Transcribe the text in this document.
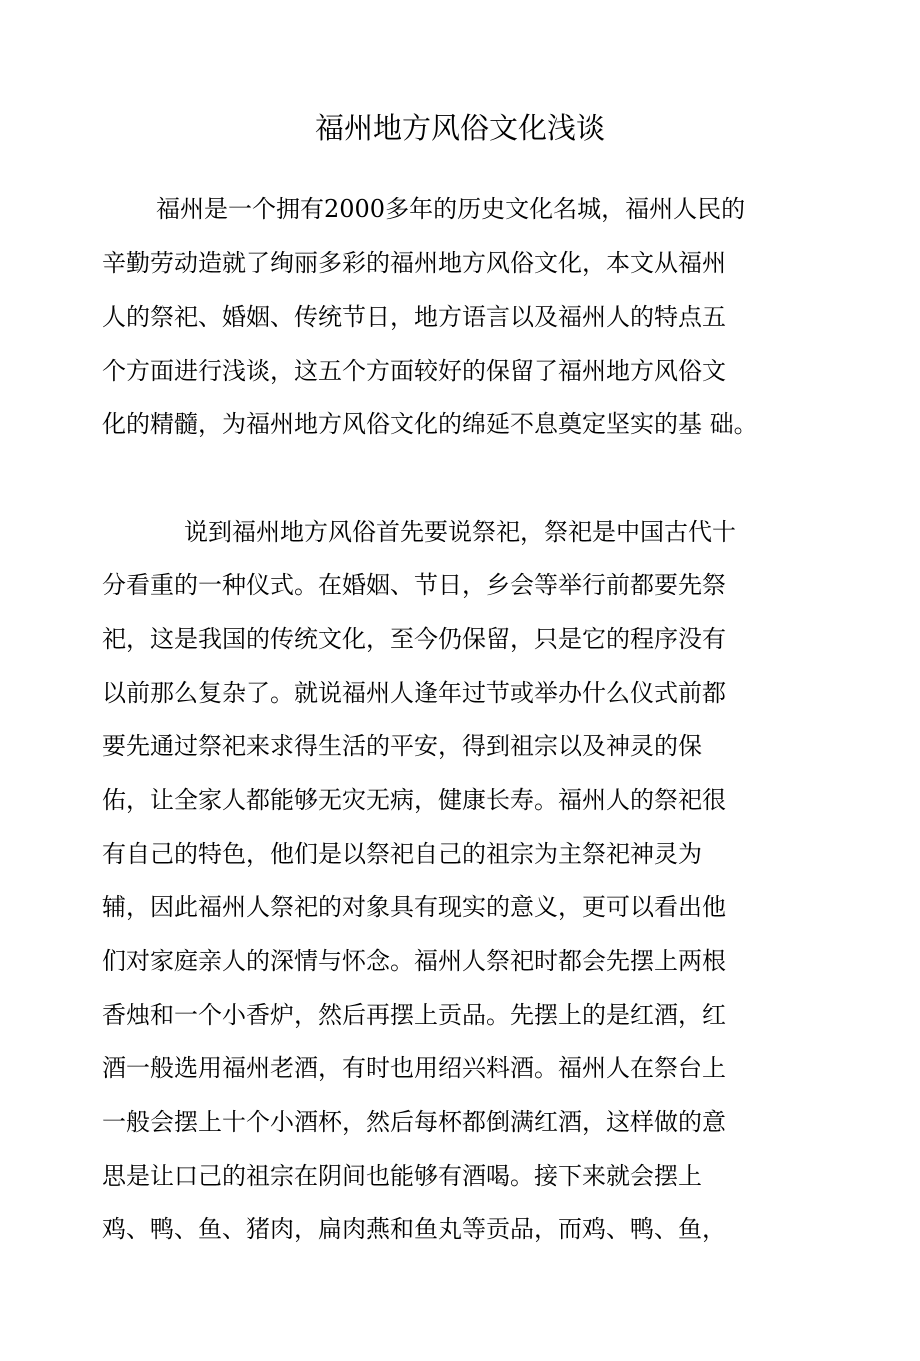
福州地方风俗文化浅谈
福州是一个拥有2000多年的历史文化名城，福州人民的
辛勤劳动造就了绚丽多彩的福州地方风俗文化，本文从福州
人的祭祀、婚姻、传统节日，地方语言以及福州人的特点五
个方面进行浅谈，这五个方面较好的保留了福州地方风俗文
化的精髓，为福州地方风俗文化的绵延不息奠定坚实的基 础。
说到福州地方风俗首先要说祭祀，祭祀是中国古代十
分看重的一种仪式。在婚姻、节日，乡会等举行前都要先祭
祀，这是我国的传统文化，至今仍保留，只是它的程序没有
以前那么复杂了。就说福州人逢年过节或举办什么仪式前都
要先通过祭祀来求得生活的平安，得到祖宗以及神灵的保
佑，让全家人都能够无灾无病，健康长寿。福州人的祭祀很
有自己的特色，他们是以祭祀自己的祖宗为主祭祀神灵为
辅，因此福州人祭祀的对象具有现实的意义，更可以看出他
们对家庭亲人的深情与怀念。福州人祭祀时都会先摆上两根
香烛和一个小香炉，然后再摆上贡品。先摆上的是红酒，红
酒一般选用福州老酒，有时也用绍兴料酒。福州人在祭台上
一般会摆上十个小酒杯，然后每杯都倒满红酒，这样做的意
思是让口己的祖宗在阴间也能够有酒喝。接下来就会摆上
鸡、鸭、鱼、猪肉，扁肉燕和鱼丸等贡品，而鸡、鸭、鱼，
